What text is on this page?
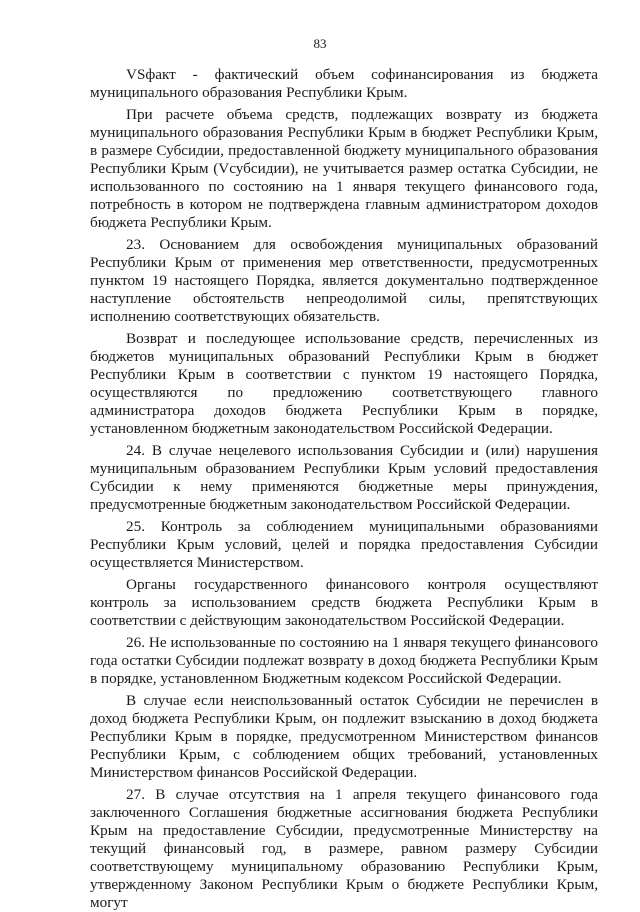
83

VSфакт - фактический объем софинансирования из бюджета муниципального образования Республики Крым.

При расчете объема средств, подлежащих возврату из бюджета муниципального образования Республики Крым в бюджет Республики Крым, в размере Субсидии, предоставленной бюджету муниципального образования Республики Крым (Vсубсидии), не учитывается размер остатка Субсидии, не использованного по состоянию на 1 января текущего финансового года, потребность в котором не подтверждена главным администратором доходов бюджета Республики Крым.

23. Основанием для освобождения муниципальных образований Республики Крым от применения мер ответственности, предусмотренных пунктом 19 настоящего Порядка, является документально подтвержденное наступление обстоятельств непреодолимой силы, препятствующих исполнению соответствующих обязательств.

Возврат и последующее использование средств, перечисленных из бюджетов муниципальных образований Республики Крым в бюджет Республики Крым в соответствии с пунктом 19 настоящего Порядка, осуществляются по предложению соответствующего главного администратора доходов бюджета Республики Крым в порядке, установленном бюджетным законодательством Российской Федерации.

24. В случае нецелевого использования Субсидии и (или) нарушения муниципальным образованием Республики Крым условий предоставления Субсидии к нему применяются бюджетные меры принуждения, предусмотренные бюджетным законодательством Российской Федерации.

25. Контроль за соблюдением муниципальными образованиями Республики Крым условий, целей и порядка предоставления Субсидии осуществляется Министерством.

Органы государственного финансового контроля осуществляют контроль за использованием средств бюджета Республики Крым в соответствии с действующим законодательством Российской Федерации.

26. Не использованные по состоянию на 1 января текущего финансового года остатки Субсидии подлежат возврату в доход бюджета Республики Крым в порядке, установленном Бюджетным кодексом Российской Федерации.

В случае если неиспользованный остаток Субсидии не перечислен в доход бюджета Республики Крым, он подлежит взысканию в доход бюджета Республики Крым в порядке, предусмотренном Министерством финансов Республики Крым, с соблюдением общих требований, установленных Министерством финансов Российской Федерации.

27. В случае отсутствия на 1 апреля текущего финансового года заключенного Соглашения бюджетные ассигнования бюджета Республики Крым на предоставление Субсидии, предусмотренные Министерству на текущий финансовый год, в размере, равном размеру Субсидии соответствующему муниципальному образованию Республики Крым, утвержденному Законом Республики Крым о бюджете Республики Крым, могут
